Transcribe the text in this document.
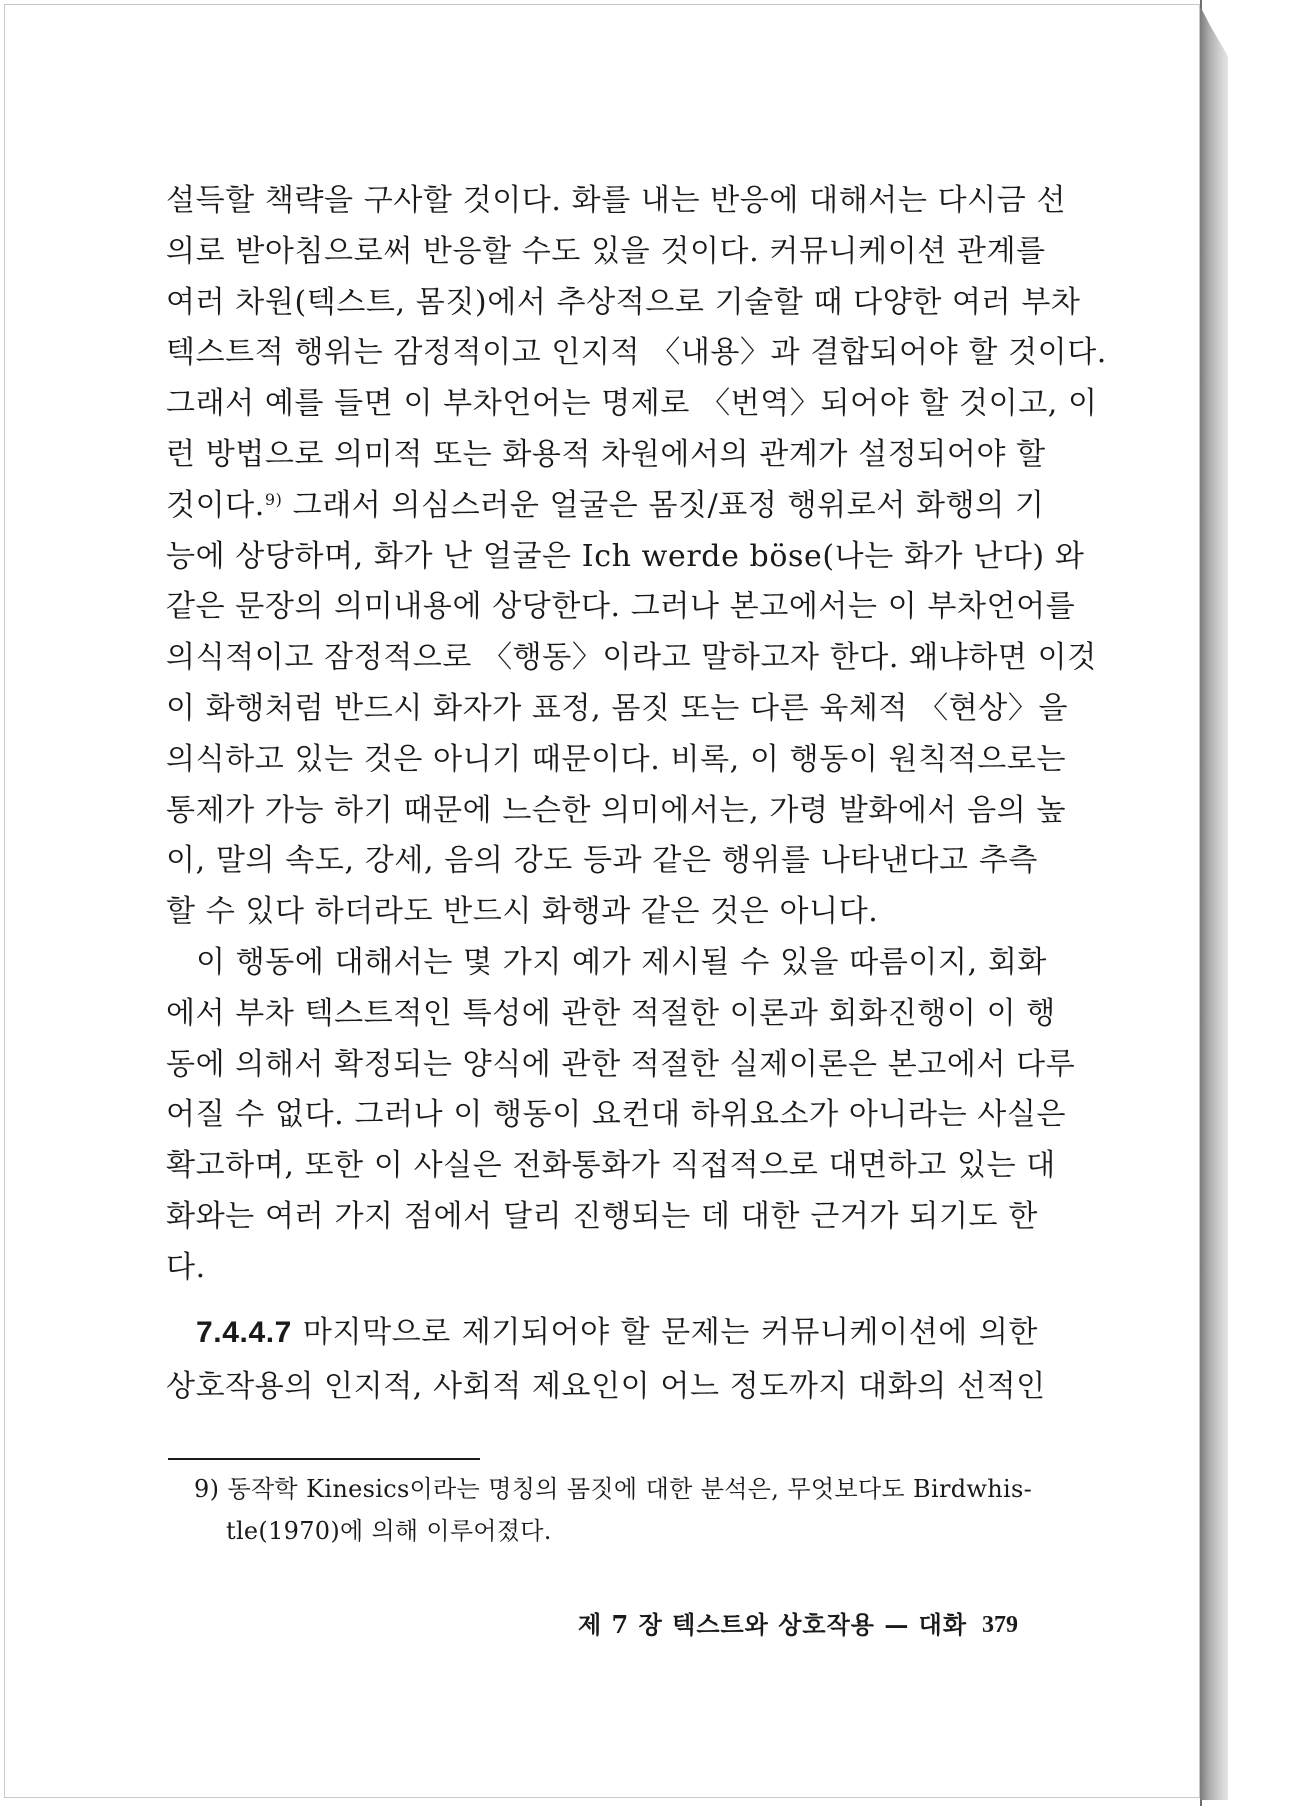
설득할 책략을 구사할 것이다. 화를 내는 반응에 대해서는 다시금 선
의로 받아침으로써 반응할 수도 있을 것이다. 커뮤니케이션 관계를
여러 차원(텍스트, 몸짓)에서 추상적으로 기술할 때 다양한 여러 부차
텍스트적 행위는 감정적이고 인지적 〈내용〉과 결합되어야 할 것이다.
그래서 예를 들면 이 부차언어는 명제로 〈번역〉되어야 할 것이고, 이
런 방법으로 의미적 또는 화용적 차원에서의 관계가 설정되어야 할
것이다.$^{9)}$ 그래서 의심스러운 얼굴은 몸짓/표정 행위로서 화행의 기
능에 상당하며, 화가 난 얼굴은 Ich werde böse(나는 화가 난다) 와
같은 문장의 의미내용에 상당한다. 그러나 본고에서는 이 부차언어를
의식적이고 잠정적으로 〈행동〉이라고 말하고자 한다. 왜냐하면 이것
이 화행처럼 반드시 화자가 표정, 몸짓 또는 다른 육체적 〈현상〉을
의식하고 있는 것은 아니기 때문이다. 비록, 이 행동이 원칙적으로는
통제가 가능 하기 때문에 느슨한 의미에서는, 가령 발화에서 음의 높
이, 말의 속도, 강세, 음의 강도 등과 같은 행위를 나타낸다고 추측
할 수 있다 하더라도 반드시 화행과 같은 것은 아니다.
이 행동에 대해서는 몇 가지 예가 제시될 수 있을 따름이지, 회화
에서 부차 텍스트적인 특성에 관한 적절한 이론과 회화진행이 이 행
동에 의해서 확정되는 양식에 관한 적절한 실제이론은 본고에서 다루
어질 수 없다. 그러나 이 행동이 요컨대 하위요소가 아니라는 사실은
확고하며, 또한 이 사실은 전화통화가 직접적으로 대면하고 있는 대
화와는 여러 가지 점에서 달리 진행되는 데 대한 근거가 되기도 한
다.
7.4.4.7 마지막으로 제기되어야 할 문제는 커뮤니케이션에 의한
상호작용의 인지적, 사회적 제요인이 어느 정도까지 대화의 선적인
9) 동작학 Kinesics이라는 명칭의 몸짓에 대한 분석은, 무엇보다도 Birdwhis-
tle(1970)에 의해 이루어졌다.
제 7 장 텍스트와 상호작용 — 대화 379
